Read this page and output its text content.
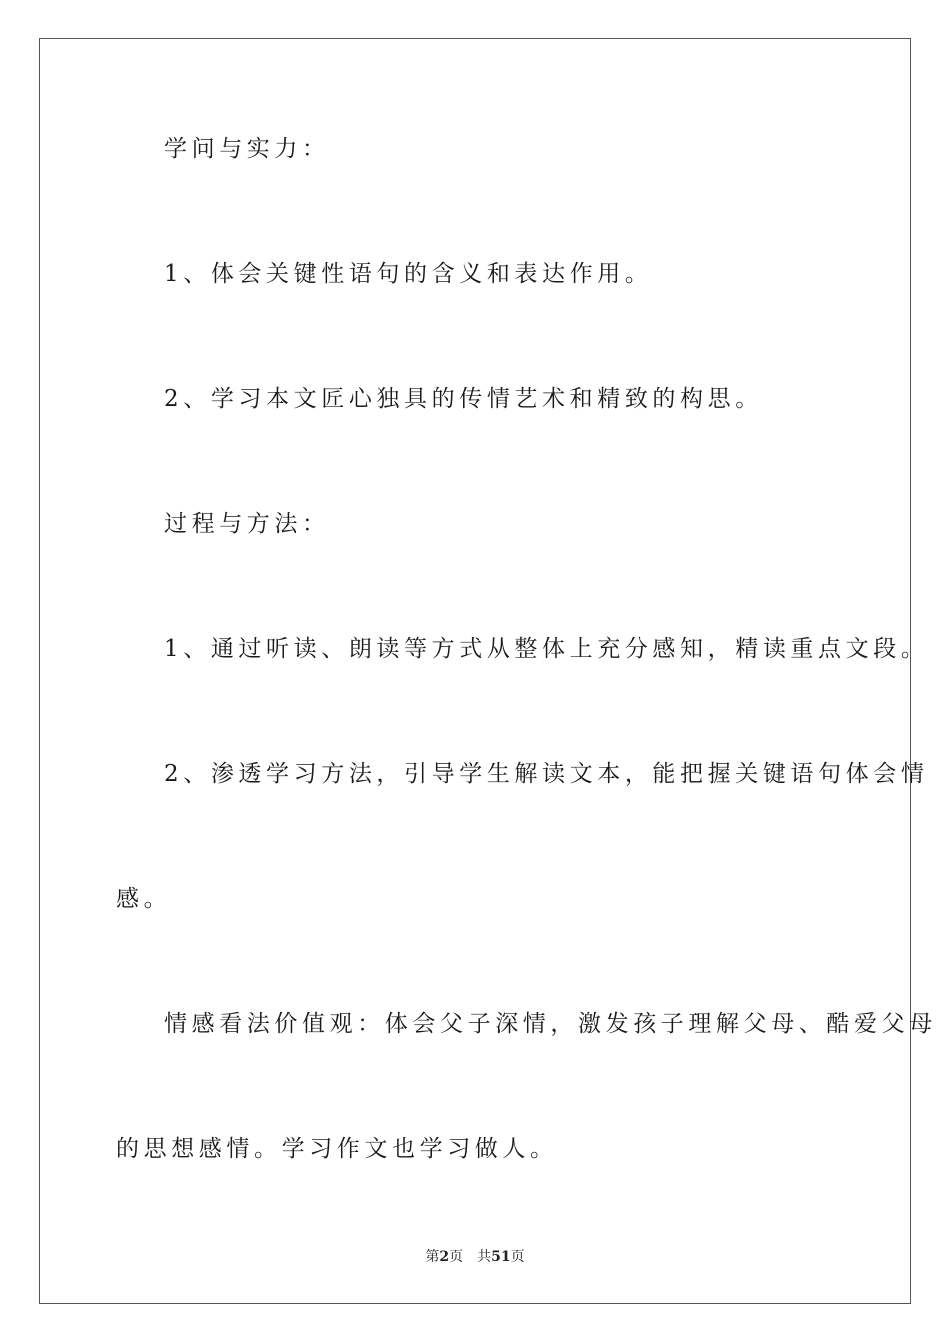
学问与实力：
1、体会关键性语句的含义和表达作用。
2、学习本文匠心独具的传情艺术和精致的构思。
过程与方法：
1、通过听读、朗读等方式从整体上充分感知，精读重点文段。
2、渗透学习方法，引导学生解读文本，能把握关键语句体会情
感。
情感看法价值观：体会父子深情，激发孩子理解父母、酷爱父母
的思想感情。学习作文也学习做人。
第2页 共51页
